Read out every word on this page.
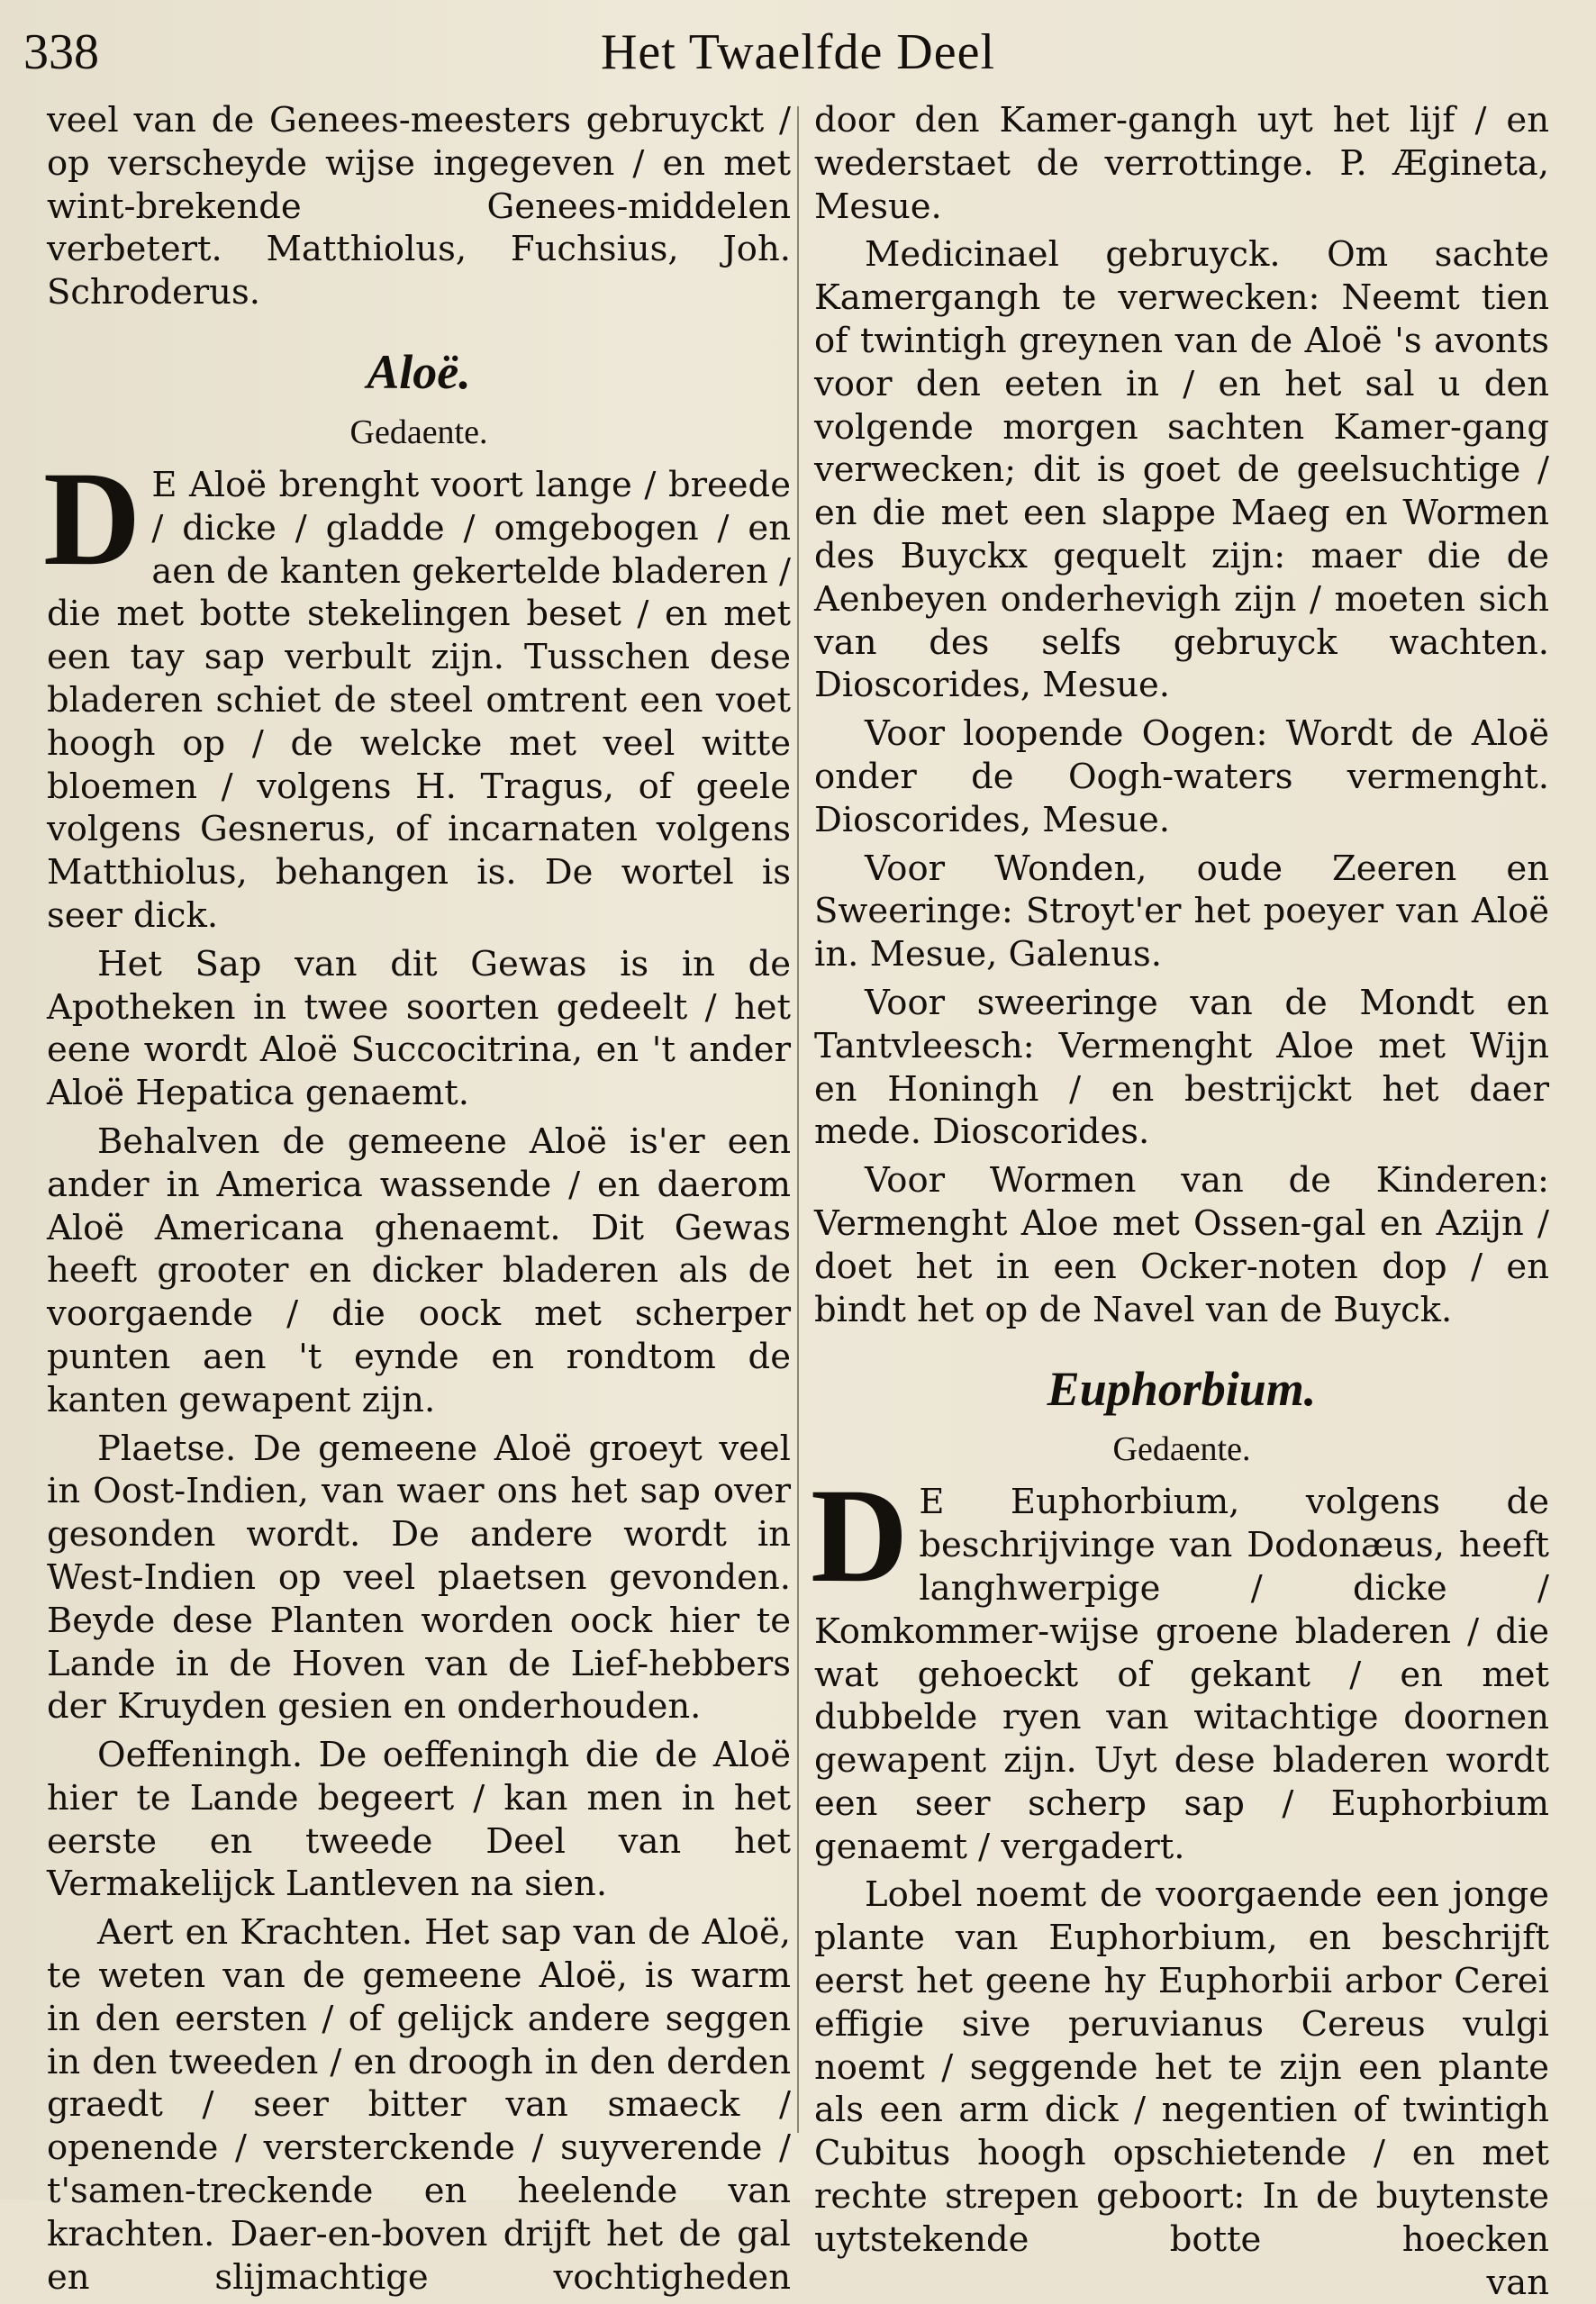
338	Het Twaelfde Deel

veel van de Genees-meesters gebruyckt / op verscheyde wijse ingegeven / en met wint-brekende Genees-middelen verbetert. Matthiolus, Fuchsius, Joh. Schroderus.

Aloë.
Gedaente.
D E Aloë brenght voort lange / breede / dicke / gladde / omgebogen / en aen de kanten gekertelde bladeren / die met botte stekelingen beset / en met een tay sap verbult zijn. Tusschen dese bladeren schiet de steel omtrent een voet hoogh op / de welcke met veel witte bloemen / volgens H. Tragus, of geele volgens Gesnerus, of incarnaten volgens Matthiolus, behangen is. De wortel is seer dick.

Het Sap van dit Gewas is in de Apotheken in twee soorten gedeelt / het eene wordt Aloë Succocitrina, en 't ander Aloë Hepatica genaemt.

Behalven de gemeene Aloë is'er een ander in America wassende / en daerom Aloë Americana ghenaemt. Dit Gewas heeft grooter en dicker bladeren als de voorgaende / die oock met scherper punten aen 't eynde en rondtom de kanten gewapent zijn.

Plaetse. De gemeene Aloë groeyt veel in Oost-Indien, van waer ons het sap over gesonden wordt. De andere wordt in West-Indien op veel plaetsen gevonden. Beyde dese Planten worden oock hier te Lande in de Hoven van de Lief-hebbers der Kruyden gesien en onderhouden.

Oeffeningh. De oeffeningh die de Aloë hier te Lande begeert / kan men in het eerste en tweede Deel van het Vermakelijck Lantleven na sien.

Aert en Krachten. Het sap van de Aloë, te weten van de gemeene Aloë, is warm in den eersten / of gelijck andere seggen in den tweeden / en droogh in den derden graedt / seer bitter van smaeck / openende / versterckende / suyverende / t'samen-treckende en heelende van krachten. Daer-en-boven drijft het de gal en slijmachtige vochtigheden

door den Kamer-gangh uyt het lijf / en wederstaet de verrottinge. P. Ægineta, Mesue.

Medicinael gebruyck. Om sachte Kamergangh te verwecken: Neemt tien of twintigh greynen van de Aloë 's avonts voor den eeten in / en het sal u den volgende morgen sachten Kamer-gang verwecken; dit is goet de geelsuchtige / en die met een slappe Maeg en Wormen des Buyckx gequelt zijn: maer die de Aenbeyen onderhevigh zijn / moeten sich van des selfs gebruyck wachten. Dioscorides, Mesue.

Voor loopende Oogen: Wordt de Aloë onder de Oogh-waters vermenght. Dioscorides, Mesue.

Voor Wonden, oude Zeeren en Sweeringe: Stroyt'er het poeyer van Aloë in. Mesue, Galenus.

Voor sweeringe van de Mondt en Tantvleesch: Vermenght Aloe met Wijn en Honingh / en bestrijckt het daer mede. Dioscorides.

Voor Wormen van de Kinderen: Vermenght Aloe met Ossen-gal en Azijn / doet het in een Ocker-noten dop / en bindt het op de Navel van de Buyck.

Euphorbium.
Gedaente.
D E Euphorbium, volgens de beschrijvinge van Dodonæus, heeft langhwerpige / dicke / Komkommer-wijse groene bladeren / die wat gehoeckt of gekant / en met dubbelde ryen van witachtige doornen gewapent zijn. Uyt dese bladeren wordt een seer scherp sap / Euphorbium genaemt / vergadert.

Lobel noemt de voorgaende een jonge plante van Euphorbium, en beschrijft eerst het geene hy Euphorbii arbor Cerei effigie sive peruvianus Cereus vulgi noemt / seggende het te zijn een plante als een arm dick / negentien of twintigh Cubitus hoogh opschietende / en met rechte strepen geboort: In de buytenste uytstekende botte hoecken

van
